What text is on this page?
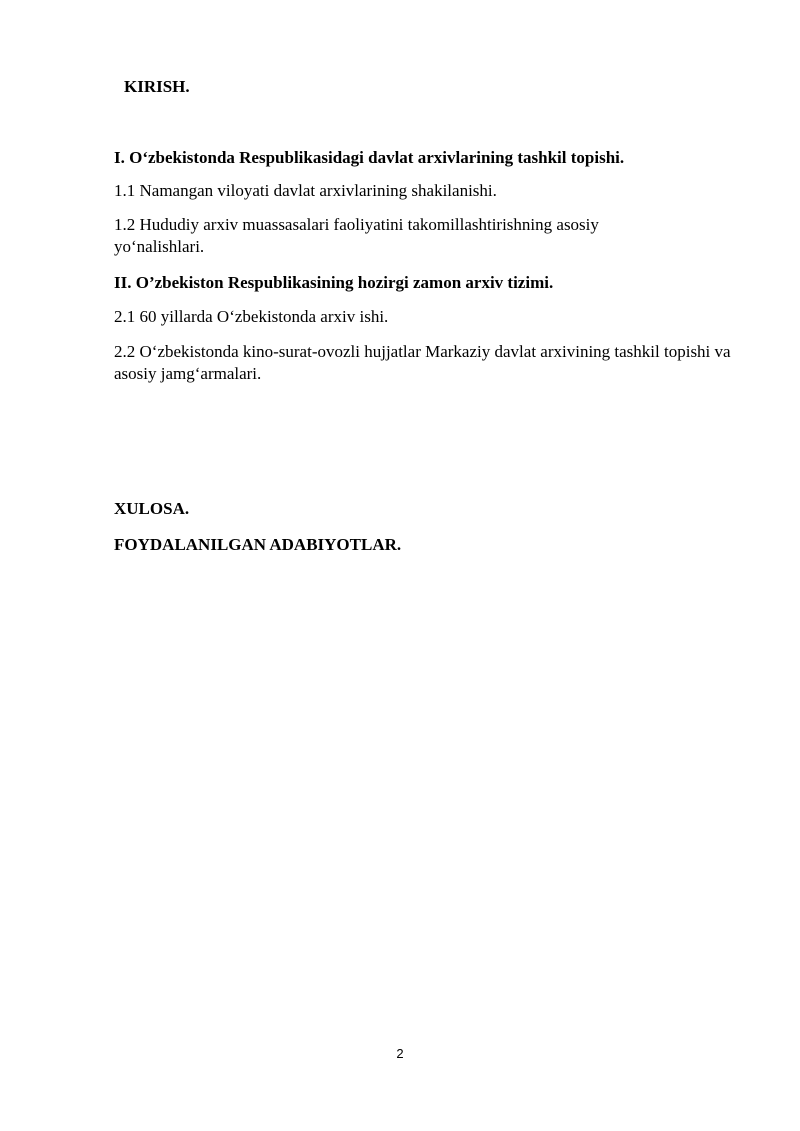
KIRISH.

I. O‘zbekistonda Respublikasidagi davlat arxivlarining tashkil topishi.

1.1 Namangan viloyati davlat arxivlarining shakilanishi.

1.2 Hududiy arxiv muassasalari faoliyatini takomillashtirishning asosiy yo‘nalishlari.

II. O’zbekiston Respublikasining hozirgi zamon arxiv tizimi.

2.1 60 yillarda O‘zbekistonda arxiv ishi.

2.2 O‘zbekistonda kino-surat-ovozli hujjatlar Markaziy davlat arxivining tashkil topishi va asosiy jamg‘armalari.

XULOSA.

FOYDALANILGAN ADABIYOTLAR.

2
